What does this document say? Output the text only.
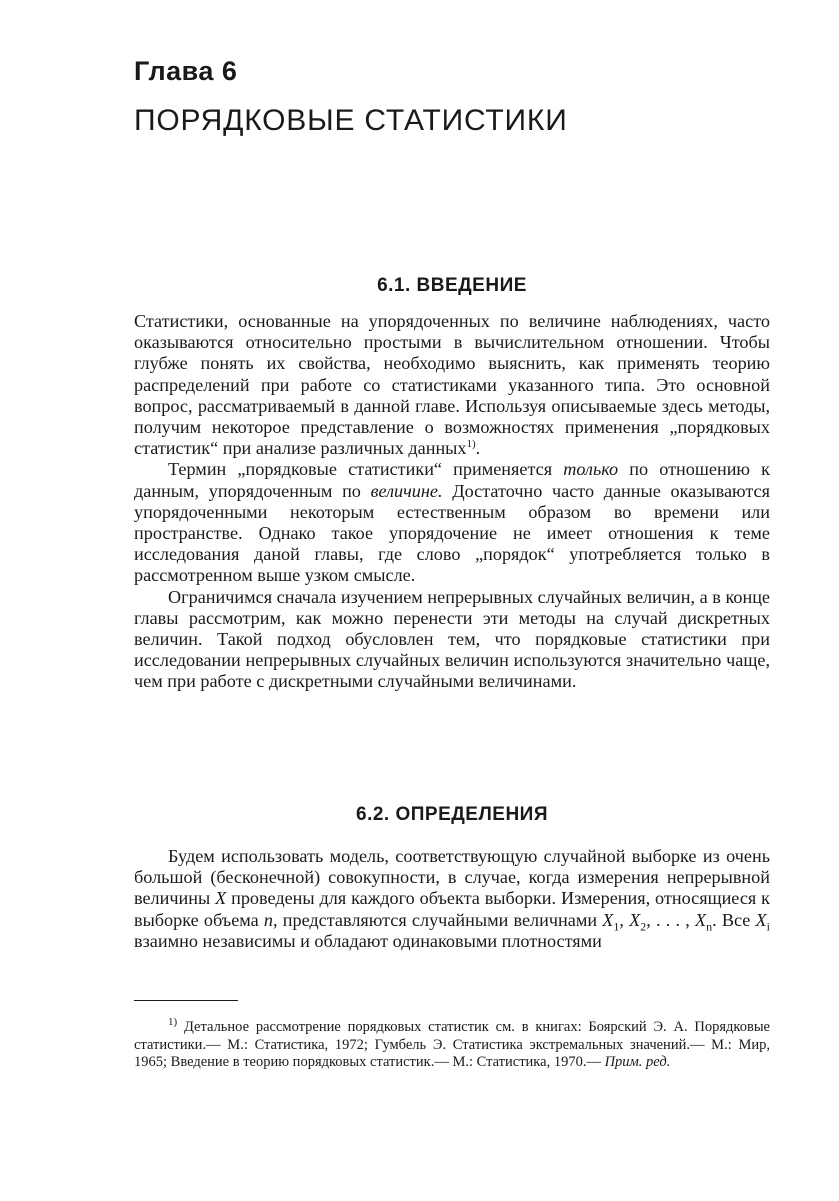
Глава 6
ПОРЯДКОВЫЕ СТАТИСТИКИ
6.1. ВВЕДЕНИЕ

Статистики, основанные на упорядоченных по величине наблюдениях, часто оказываются относительно простыми в вычислительном отношении. Чтобы глубже понять их свойства, необходимо выяснить, как применять теорию распределений при работе со статистиками указанного типа. Это основной вопрос, рассматриваемый в данной главе. Используя описываемые здесь методы, получим некоторое представление о возможностях применения „порядковых статистик“ при анализе различных данных$^{1)}$.

Термин „порядковые статистики“ применяется только по отношению к данным, упорядоченным по величине. Достаточно часто данные оказываются упорядоченными некоторым естественным образом во времени или пространстве. Однако такое упорядочение не имеет отношения к теме исследования даной главы, где слово „порядок“ употребляется только в рассмотренном выше узком смысле.

Ограничимся сначала изучением непрерывных случайных величин, а в конце главы рассмотрим, как можно перенести эти методы на случай дискретных величин. Такой подход обусловлен тем, что порядковые статистики при исследовании непрерывных случайных величин используются значительно чаще, чем при работе с дискретными случайными величинами.

6.2. ОПРЕДЕЛЕНИЯ

Будем использовать модель, соответствующую случайной выборке из очень большой (бесконечной) совокупности, в случае, когда измерения непрерывной величины X проведены для каждого объекта выборки. Измерения, относящиеся к выборке объема n, представляются случайными величнами $X_1$, $X_2$, . . . , $X_n$. Все $X_i$ взаимно независимы и обладают одинаковыми плотностями

$^{1)}$ Детальное рассмотрение порядковых статистик см. в книгах: Боярский Э. А. Порядковые статистики.— М.: Статистика, 1972; Гумбель Э. Статистика экстремальных значений.— М.: Мир, 1965; Введение в теорию порядковых статистик.— М.: Статистика, 1970.— Прим. ред.
